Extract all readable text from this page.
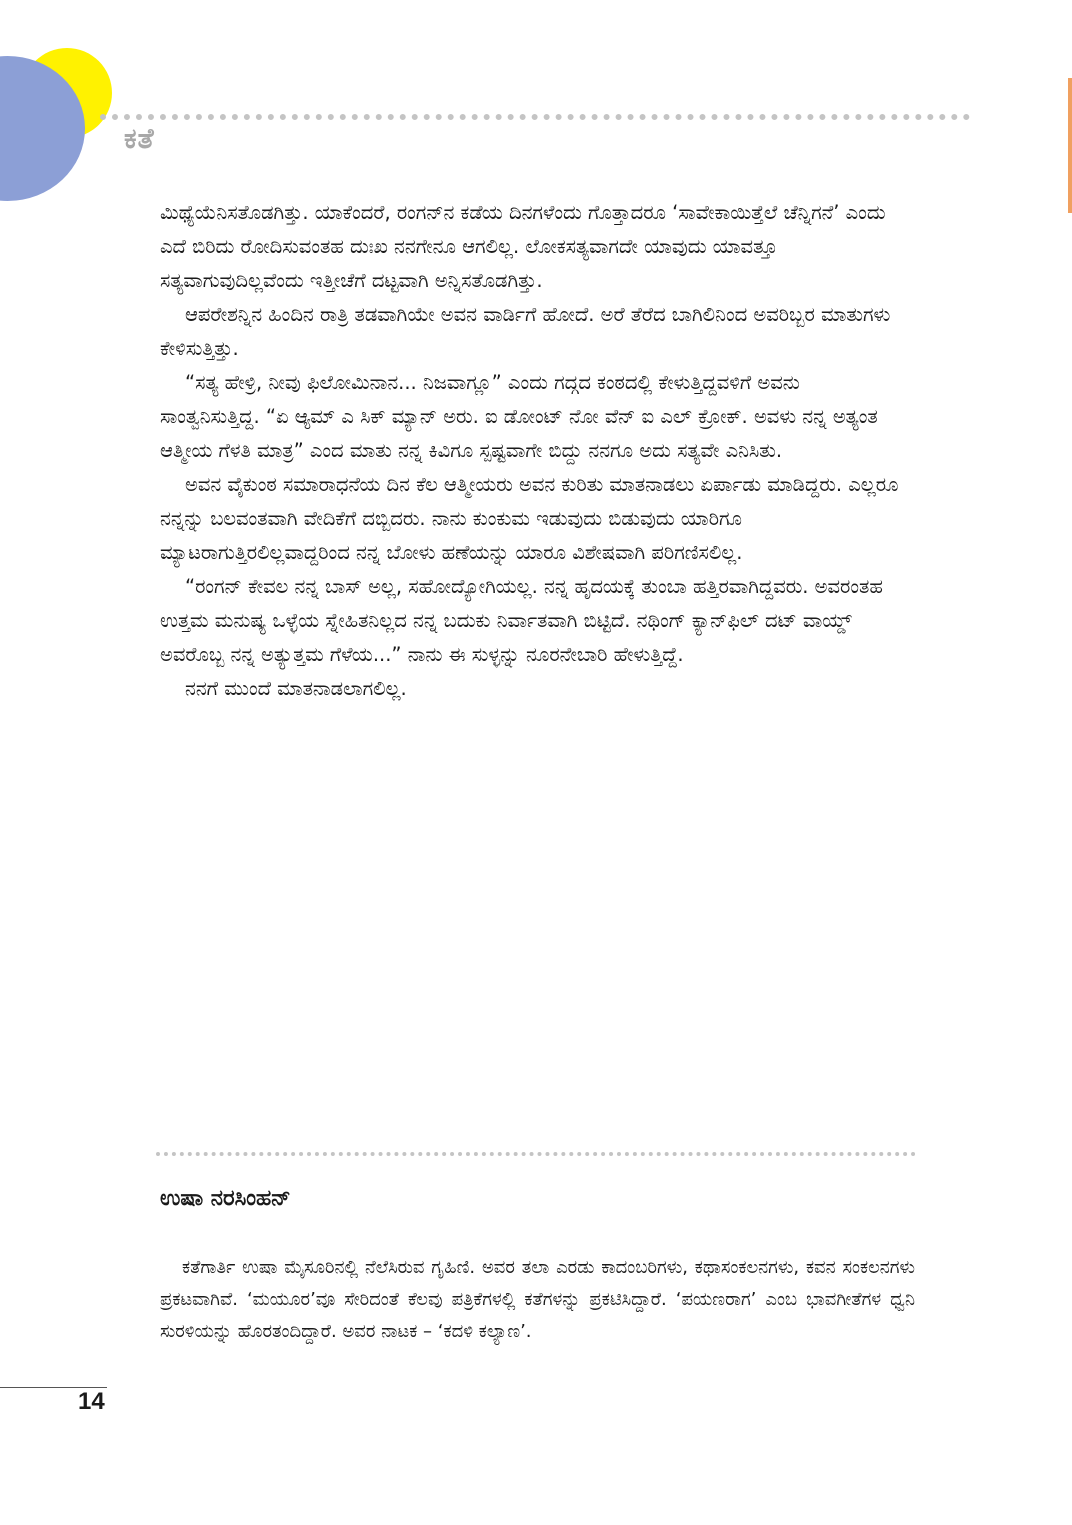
ಕತೆ

ಮಿಥ್ಯೆಯೆನಿಸತೊಡಗಿತ್ತು. ಯಾಕೆಂದರೆ, ರಂಗನ್‌ನ ಕಡೆಯ ದಿನಗಳೆಂದು ಗೊತ್ತಾದರೂ ‘ಸಾವೇಕಾಯಿತ್ತೆಲೆ ಚೆನ್ನಿಗನೆ’ ಎಂದು ಎದೆ ಬಿರಿದು ರೋದಿಸುವಂತಹ ದುಃಖ ನನಗೇನೂ ಆಗಲಿಲ್ಲ. ಲೋಕಸತ್ಯವಾಗದೇ ಯಾವುದು ಯಾವತ್ತೂ ಸತ್ಯವಾಗುವುದಿಲ್ಲವೆಂದು ಇತ್ತೀಚೆಗೆ ದಟ್ಟವಾಗಿ ಅನ್ನಿಸತೊಡಗಿತ್ತು.

ಆಪರೇಶನ್ನಿನ ಹಿಂದಿನ ರಾತ್ರಿ ತಡವಾಗಿಯೇ ಅವನ ವಾರ್ಡಿಗೆ ಹೋದೆ. ಅರೆ ತೆರೆದ ಬಾಗಿಲಿನಿಂದ ಅವರಿಬ್ಬರ ಮಾತುಗಳು ಕೇಳಿಸುತ್ತಿತ್ತು.

“ಸತ್ಯ ಹೇಳ್ರಿ, ನೀವು ಫಿಲೋಮಿನಾನ... ನಿಜವಾಗ್ಲೂ” ಎಂದು ಗದ್ಗದ ಕಂಠದಲ್ಲಿ ಕೇಳುತ್ತಿದ್ದವಳಿಗೆ ಅವನು ಸಾಂತ್ವನಿಸುತ್ತಿದ್ದ. “ಏ ಆ್ಯಮ್ ಎ ಸಿಕ್ ಮ್ಯಾನ್ ಅರು. ಐ ಡೋಂಟ್ ನೋ ವೆನ್ ಐ ಎಲ್ ಕ್ರೋಕ್. ಅವಳು ನನ್ನ ಅತ್ಯಂತ ಆತ್ಮೀಯ ಗೆಳತಿ ಮಾತ್ರ” ಎಂದ ಮಾತು ನನ್ನ ಕಿವಿಗೂ ಸ್ಪಷ್ಟವಾಗೇ ಬಿದ್ದು ನನಗೂ ಅದು ಸತ್ಯವೇ ಎನಿಸಿತು.

ಅವನ ವೈಕುಂಠ ಸಮಾರಾಧನೆಯ ದಿನ ಕೆಲ ಆತ್ಮೀಯರು ಅವನ ಕುರಿತು ಮಾತನಾಡಲು ಏರ್ಪಾಡು ಮಾಡಿದ್ದರು. ಎಲ್ಲರೂ ನನ್ನನ್ನು ಬಲವಂತವಾಗಿ ವೇದಿಕೆಗೆ ದಬ್ಬಿದರು. ನಾನು ಕುಂಕುಮ ಇಡುವುದು ಬಿಡುವುದು ಯಾರಿಗೂ ಮ್ಯಾಟರಾಗುತ್ತಿರಲಿಲ್ಲವಾದ್ದರಿಂದ ನನ್ನ ಬೋಳು ಹಣೆಯನ್ನು ಯಾರೂ ವಿಶೇಷವಾಗಿ ಪರಿಗಣಿಸಲಿಲ್ಲ.

“ರಂಗನ್ ಕೇವಲ ನನ್ನ ಬಾಸ್ ಅಲ್ಲ, ಸಹೋದ್ಯೋಗಿಯಲ್ಲ. ನನ್ನ ಹೃದಯಕ್ಕೆ ತುಂಬಾ ಹತ್ತಿರವಾಗಿದ್ದವರು. ಅವರಂತಹ ಉತ್ತಮ ಮನುಷ್ಯ ಒಳ್ಳೆಯ ಸ್ನೇಹಿತನಿಲ್ಲದ ನನ್ನ ಬದುಕು ನಿರ್ವಾತವಾಗಿ ಬಿಟ್ಟಿದೆ. ನಥಿಂಗ್ ಕ್ಯಾನ್‌ಫಿಲ್ ದಟ್ ವಾಯ್ಡ್ ಅವರೊಬ್ಬ ನನ್ನ ಅತ್ಯುತ್ತಮ ಗೆಳೆಯ...” ನಾನು ಈ ಸುಳ್ಳನ್ನು ನೂರನೇಬಾರಿ ಹೇಳುತ್ತಿದ್ದೆ.

ನನಗೆ ಮುಂದೆ ಮಾತನಾಡಲಾಗಲಿಲ್ಲ.

ಉಷಾ ನರಸಿಂಹನ್

ಕತೆಗಾರ್ತಿ ಉಷಾ ಮೈಸೂರಿನಲ್ಲಿ ನೆಲೆಸಿರುವ ಗೃಹಿಣಿ. ಅವರ ತಲಾ ಎರಡು ಕಾದಂಬರಿಗಳು, ಕಥಾಸಂಕಲನಗಳು, ಕವನ ಸಂಕಲನಗಳು ಪ್ರಕಟವಾಗಿವೆ. ‘ಮಯೂರ’ವೂ ಸೇರಿದಂತೆ ಕೆಲವು ಪತ್ರಿಕೆಗಳಲ್ಲಿ ಕತೆಗಳನ್ನು ಪ್ರಕಟಿಸಿದ್ದಾರೆ. ‘ಪಯಣರಾಗ’ ಎಂಬ ಭಾವಗೀತೆಗಳ ಧ್ವನಿ ಸುರಳಿಯನ್ನು ಹೊರತಂದಿದ್ದಾರೆ. ಅವರ ನಾಟಕ – ‘ಕದಳಿ ಕಲ್ಯಾಣ’.

14
